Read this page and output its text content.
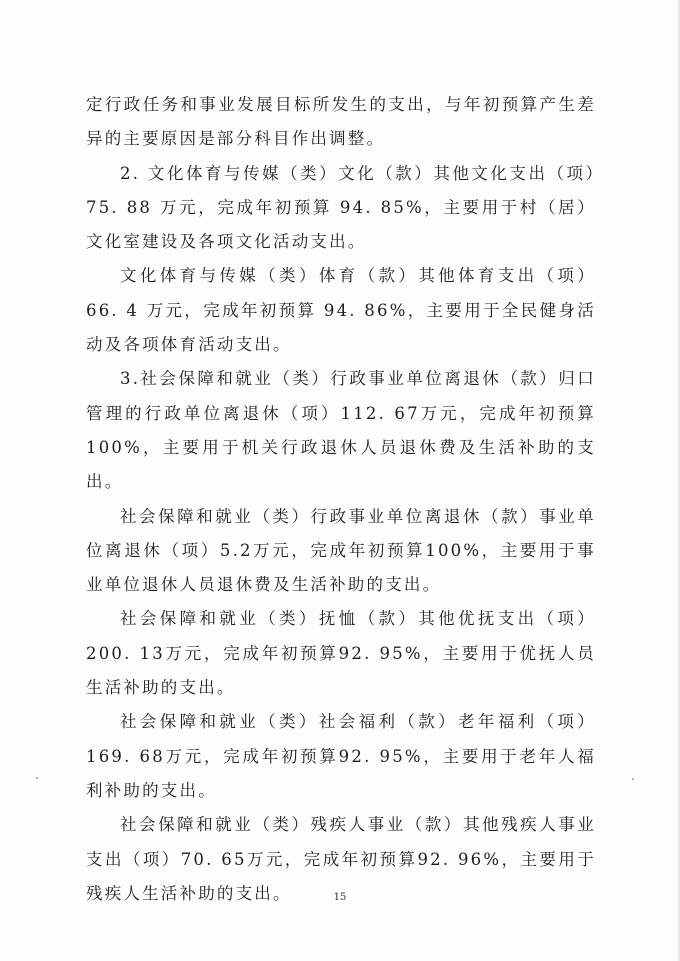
定行政任务和事业发展目标所发生的支出，与年初预算产生差异的主要原因是部分科目作出调整。

2. 文化体育与传媒（类）文化（款）其他文化支出（项）75. 88 万元，完成年初预算 94. 85%，主要用于村（居）文化室建设及各项文化活动支出。

文化体育与传媒（类）体育（款）其他体育支出（项）66. 4 万元，完成年初预算 94. 86%，主要用于全民健身活动及各项体育活动支出。

3.社会保障和就业（类）行政事业单位离退休（款）归口管理的行政单位离退休（项）112. 67万元，完成年初预算100%，主要用于机关行政退休人员退休费及生活补助的支出。

社会保障和就业（类）行政事业单位离退休（款）事业单位离退休（项）5.2万元，完成年初预算100%，主要用于事业单位退休人员退休费及生活补助的支出。

社会保障和就业（类）抚恤（款）其他优抚支出（项）200. 13万元，完成年初预算92. 95%，主要用于优抚人员生活补助的支出。

社会保障和就业（类）社会福利（款）老年福利（项）169. 68万元，完成年初预算92. 95%，主要用于老年人福利补助的支出。

社会保障和就业（类）残疾人事业（款）其他残疾人事业支出（项）70. 65万元，完成年初预算92. 96%，主要用于残疾人生活补助的支出。	15
